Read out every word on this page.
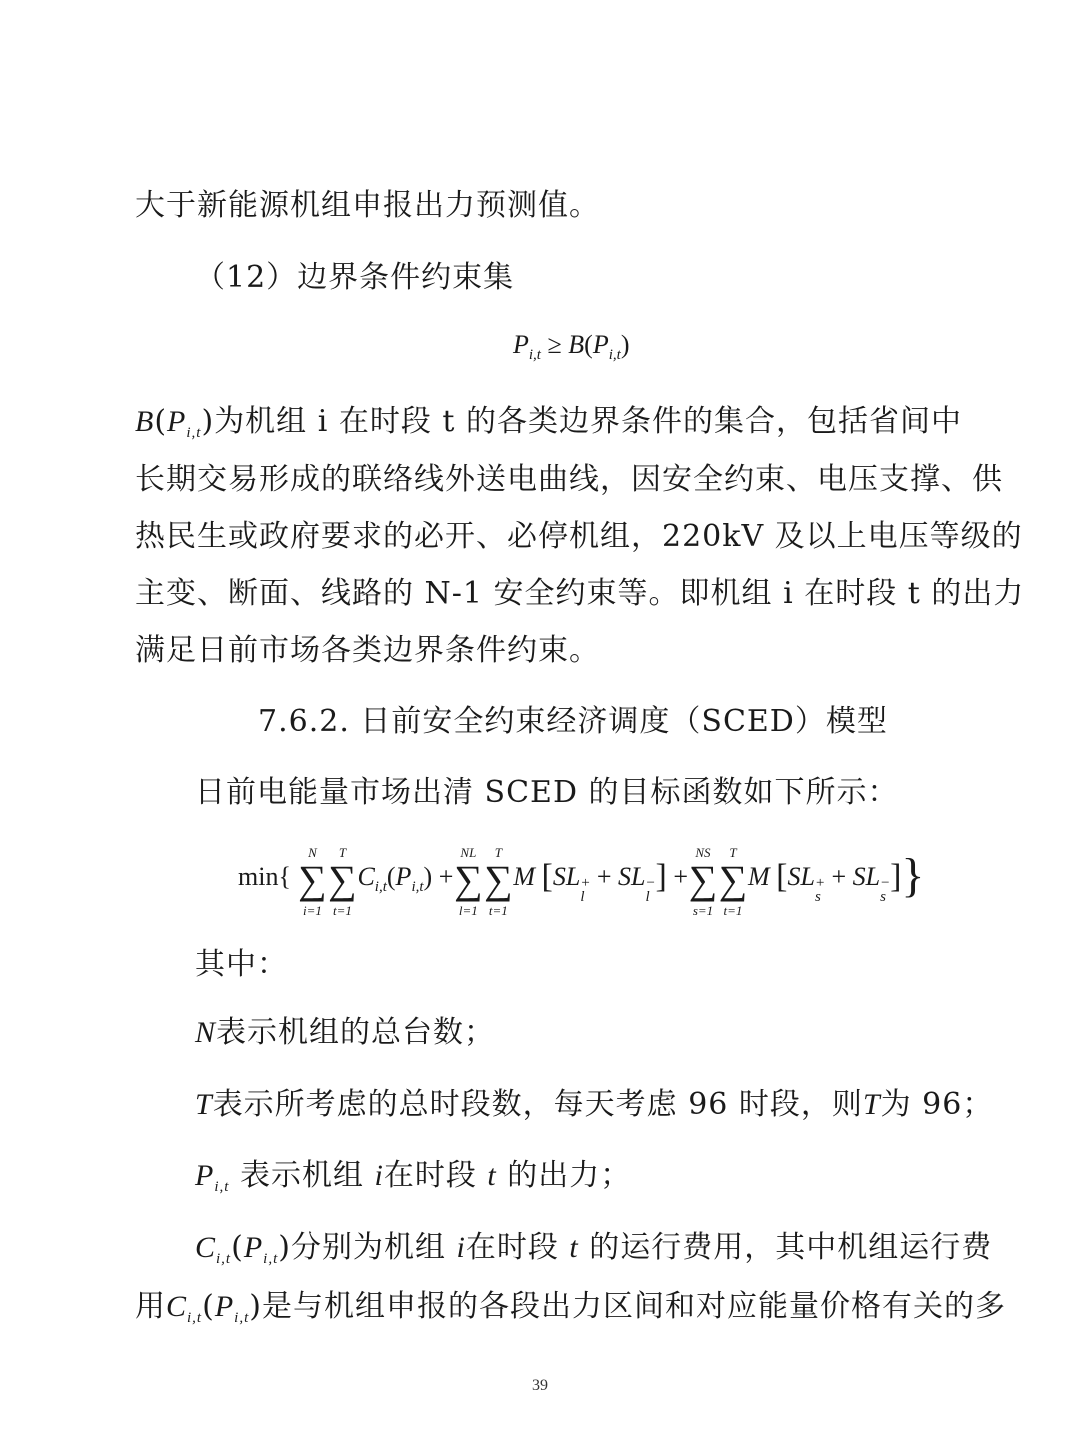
大于新能源机组申报出力预测值。
（12）边界条件约束集
$P_{i,t} \ge B(P_{i,t})$
$B(P_{i,t})$为机组 i 在时段 t 的各类边界条件的集合，包括省间中
长期交易形成的联络线外送电曲线，因安全约束、电压支撑、供
热民生或政府要求的必开、必停机组，220kV 及以上电压等级的
主变、断面、线路的 N-1 安全约束等。即机组 i 在时段 t 的出力
满足日前市场各类边界条件约束。
7.6.2. 日前安全约束经济调度（SCED）模型
日前电能量市场出清 SCED 的目标函数如下所示：
min{ ∑
N
i=1
∑
T
t=1
$C_{i,t}(P_{i,t})$ +∑
NL
l=1
∑
T
t=1
M [SL +
l
+ SL −
l
] +∑
NS
s=1
∑
T
t=1
M [SL +
s
+ SL −
s
]}
其中：
N表示机组的总台数；
T表示所考虑的总时段数，每天考虑 96 时段，则T为 96；
$P_{i,t}$ 表示机组 i在时段 t 的出力；
$C_{i,t}(P_{i,t})$分别为机组 i在时段 t 的运行费用，其中机组运行费
用$C_{i,t}(P_{i,t})$是与机组申报的各段出力区间和对应能量价格有关的多
39
